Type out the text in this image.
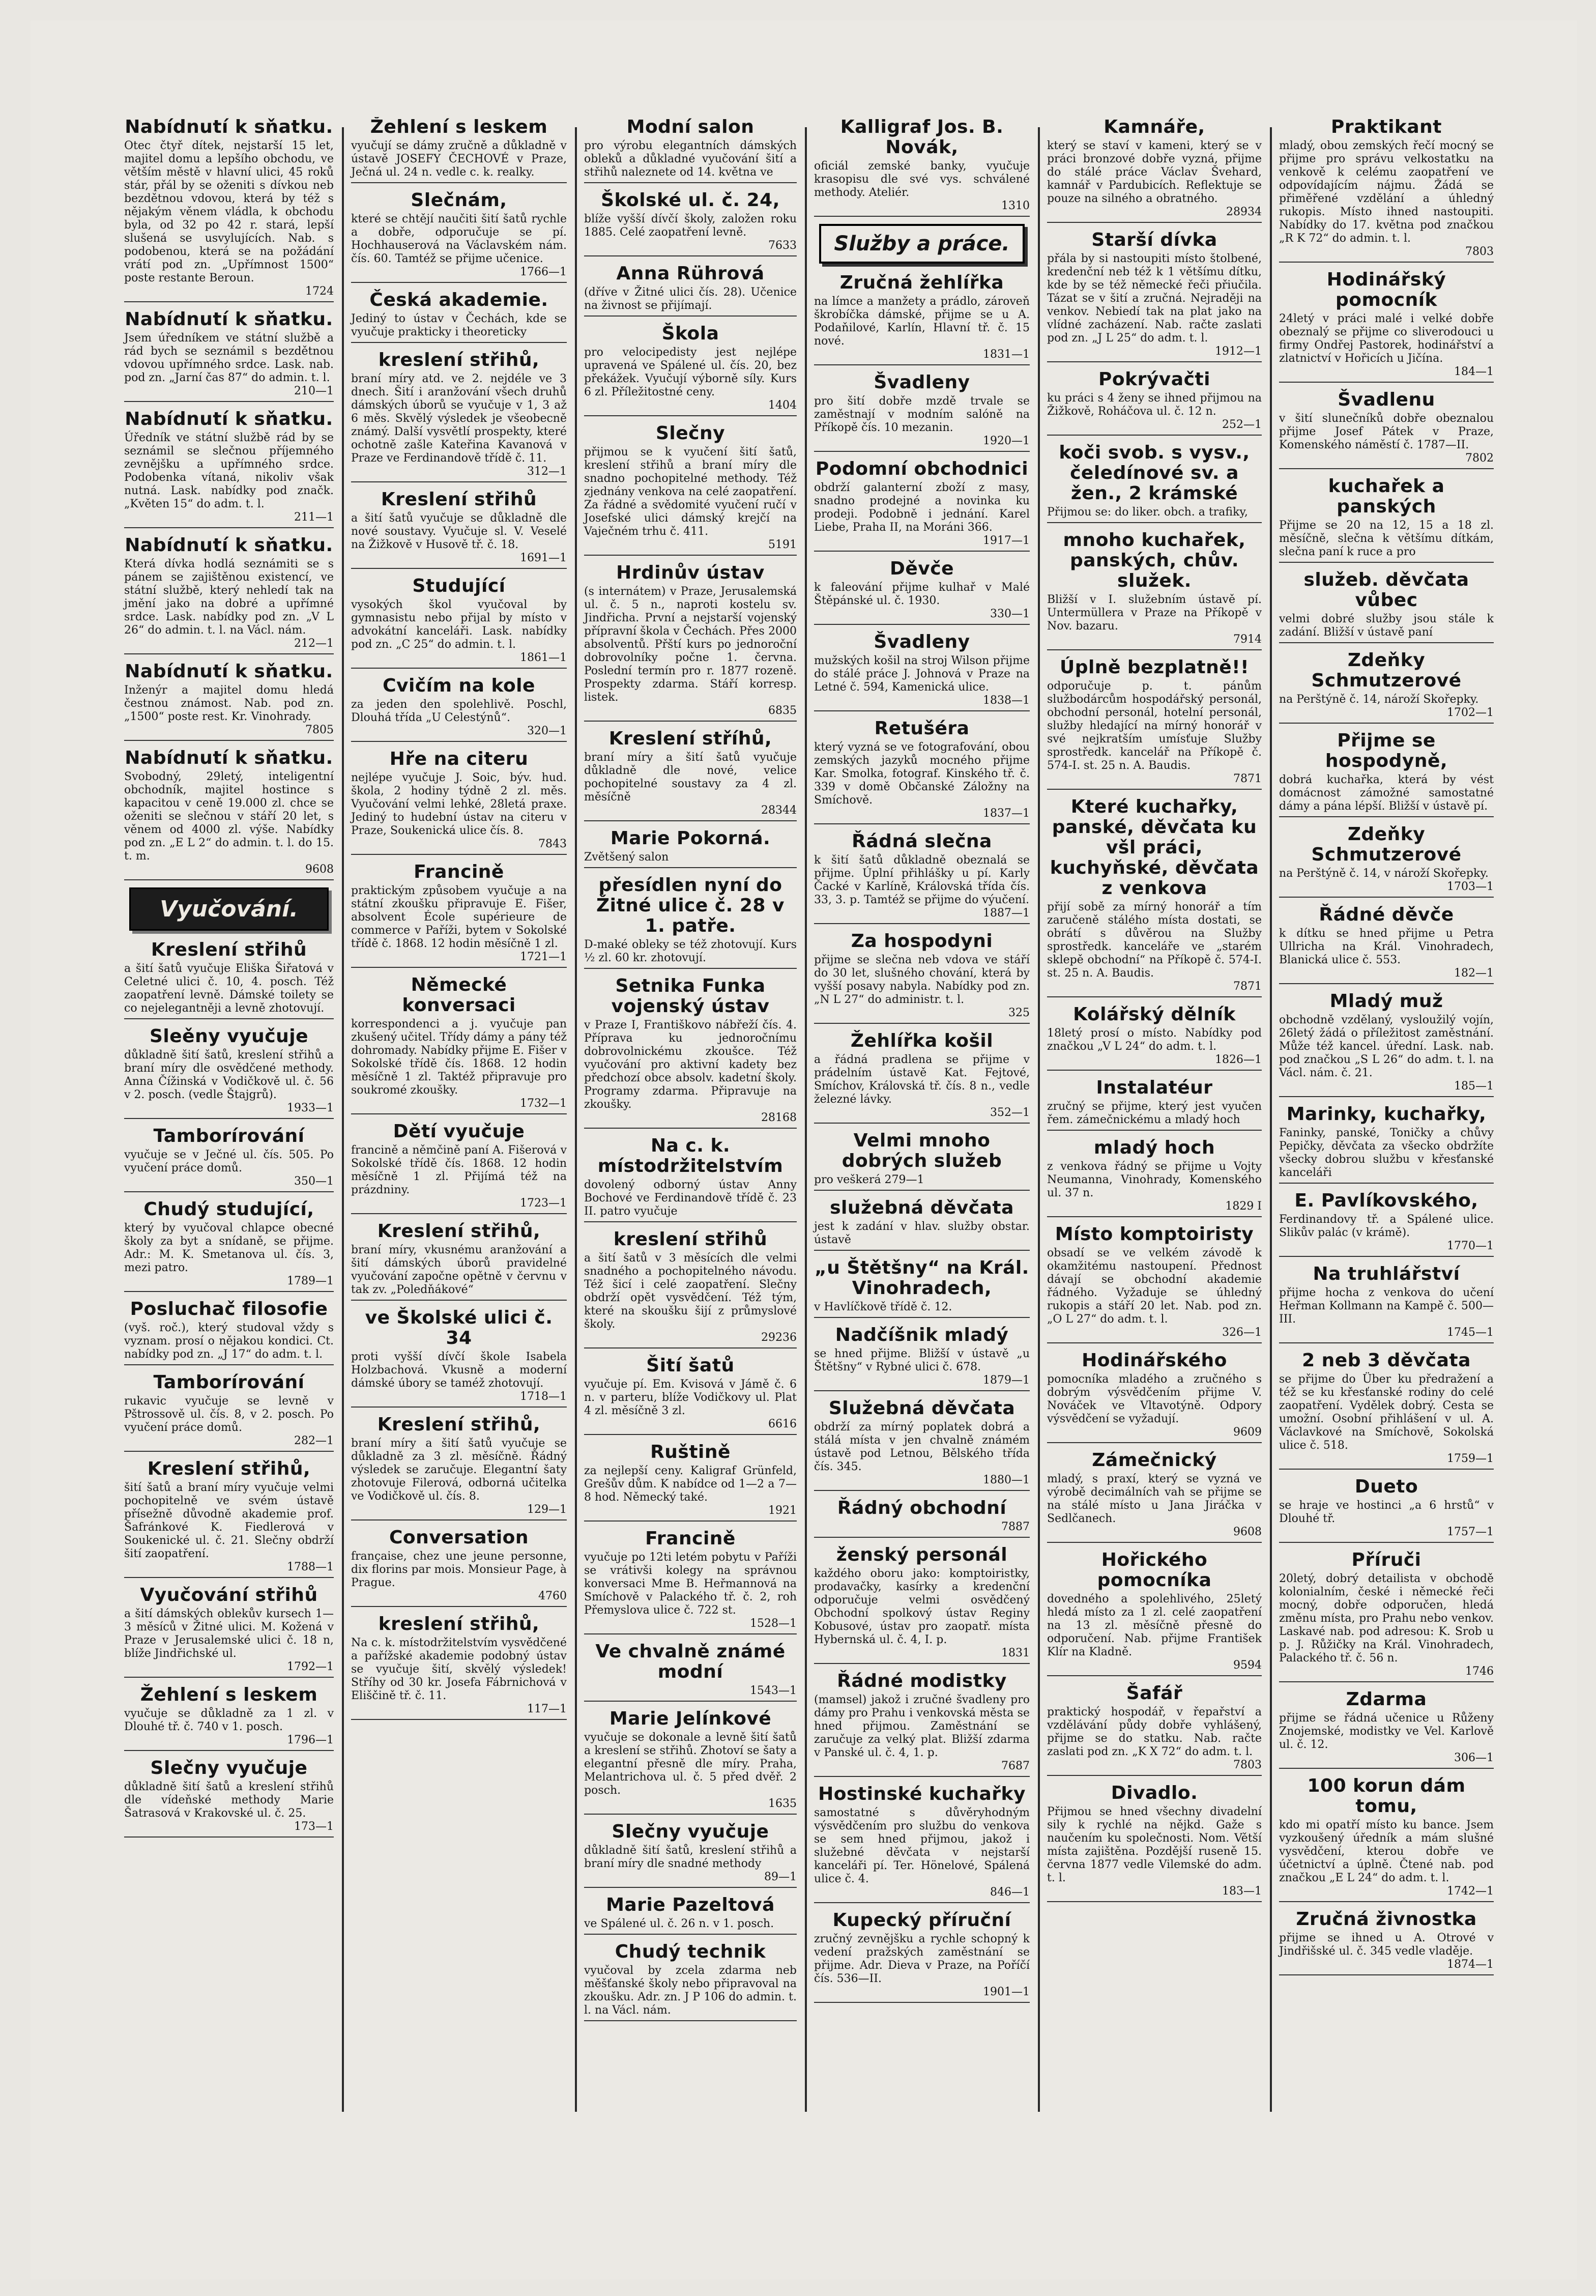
Nabídnutí k sňatku.
Otec čtyř dítek, nejstarší 15 let, majitel domu a lepšího obchodu, ve větším městě v hlavní ulici, 45 roků stár, přál by se oženiti s dívkou neb bezdětnou vdovou, která by též s nějakým věnem vládla, k obchodu byla, od 32 po 42 r. stará, lepší slušená se usvylujících. Nab. s podobenou, která se na požádání vrátí pod zn. „Upřímnost 1500“ poste restante Beroun.
1724
Nabídnutí k sňatku.
Jsem úředníkem ve státní službě a rád bych se seznámil s bezdětnou vdovou upřímného srdce. Lask. nab. pod zn. „Jarní čas 87“ do admin. t. l.
210—1
Nabídnutí k sňatku.
Úředník ve státní službě rád by se seznámil se slečnou příjemného zevnějšku a upřímného srdce. Podobenka vítaná, nikoliv však nutná. Lask. nabídky pod značk. „Květen 15“ do adm. t. l.
211—1
Nabídnutí k sňatku.
Která dívka hodlá seznámiti se s pánem se zajištěnou existencí, ve státní službě, který nehledí tak na jmění jako na dobré a upřímné srdce. Lask. nabídky pod zn. „V L 26“ do admin. t. l. na Václ. nám.
212—1
Nabídnutí k sňatku.
Inženýr a majitel domu hledá čestnou známost. Nab. pod zn. „1500“ poste rest. Kr. Vinohrady.
7805
Nabídnutí k sňatku.
Svobodný, 29letý, inteligentní obchodník, majitel hostince s kapacitou v ceně 19.000 zl. chce se oženiti se slečnou v stáří 20 let, s věnem od 4000 zl. výše. Nabídky pod zn. „E L 2“ do admin. t. l. do 15. t. m.
9608
Vyučování.
Kreslení střihů
a šití šatů vyučuje Eliška Šiřatová v Celetné ulici č. 10, 4. posch. Též zaopatření levně. Dámské toilety se co nejelegantněji a levně zhotovují.
Sleěny vyučuje
důkladně šití šatů, kreslení střihů a braní míry dle osvědčené methody. Anna Čížinská v Vodičkově ul. č. 56 v 2. posch. (vedle Štajgrů).
1933—1
Tamborírování
vyučuje se v Ječné ul. čís. 505. Po vyučení práce domů.
350—1
Chudý studující,
který by vyučoval chlapce obecné školy za byt a snídaně, se přijme. Adr.: M. K. Smetanova ul. čís. 3, mezi patro.
1789—1
Posluchač filosofie
(vyš. roč.), který studoval vždy s vyznam. prosí o nějakou kondici. Ct. nabídky pod zn. „J 17“ do adm. t. l.
Tamborírování
rukavic vyučuje se levně v Pštrossově ul. čís. 8, v 2. posch. Po vyučení práce domů.
282—1
Kreslení střihů,
šití šatů a braní míry vyučuje velmi pochopitelně ve svém ústavě přísežně důvodně akademie prof. Šafránkové K. Fiedlerová v Soukenické ul. č. 21. Slečny obdrží šití zaopatření.
1788—1
Vyučování střihů
a šití dámských oblekův kursech 1—3 měsíců v Žitné ulici. M. Kožená v Praze v Jerusalemské ulici č. 18 n, blíže Jindřichské ul.
1792—1
Žehlení s leskem
vyučuje se důkladně za 1 zl. v Dlouhé tř. č. 740 v 1. posch.
1796—1
Slečny vyučuje
důkladně šití šatů a kreslení střihů dle vídeňské methody Marie Šatrasová v Krakovské ul. č. 25.
173—1
Žehlení s leskem
vyučují se dámy zručně a důkladně v ústavě JOSEFY ČECHOVÉ v Praze, Ječná ul. 24 n. vedle c. k. realky.
Slečnám,
které se chtějí naučiti šití šatů rychle a dobře, odporučuje se pí. Hochhauserová na Václavském nám. čís. 60. Tamtéž se přijme učenice.
1766—1
Česká akademie.
Jediný to ústav v Čechách, kde se vyučuje prakticky i theoreticky
kreslení střihů,
braní míry atd. ve 2. nejdéle ve 3 dnech. Šití i aranžování všech druhů dámských úborů se vyučuje v 1, 3 až 6 měs. Skvělý výsledek je všeobecně známý. Další vysvětlí prospekty, které ochotně zašle Kateřina Kavanová v Praze ve Ferdinandově třídě č. 11.
312—1
Kreslení střihů
a šití šatů vyučuje se důkladně dle nové soustavy. Vyučuje sl. V. Veselé na Žižkově v Husově tř. č. 18.
1691—1
Studující
vysokých škol vyučoval by gymnasistu nebo přijal by místo v advokátní kanceláři. Lask. nabídky pod zn. „C 25“ do admin. t. l.
1861—1
Cvičím na kole
za jeden den spolehlivě. Poschl, Dlouhá třída „U Celestýnů“.
320—1
Hře na citeru
nejlépe vyučuje J. Soic, býv. hud. škola, 2 hodiny týdně 2 zl. měs. Vyučování velmi lehké, 28letá praxe. Jediný to hudební ústav na citeru v Praze, Soukenická ulice čís. 8.
7843
Francině
praktickým způsobem vyučuje a na státní zkoušku připravuje E. Fišer, absolvent École supérieure de commerce v Paříži, bytem v Sokolské třídě č. 1868. 12 hodin měsíčně 1 zl.
1721—1
Německé konversaci
korrespondenci a j. vyučuje pan zkušený učitel. Třídy dámy a pány též dohromady. Nabídky přijme E. Fišer v Sokolské třídě čís. 1868. 12 hodin měsíčně 1 zl. Taktéž připravuje pro soukromé zkoušky.
1732—1
Dětí vyučuje
francině a němčině paní A. Fišerová v Sokolské třídě čís. 1868. 12 hodin měsíčně 1 zl. Přijímá též na prázdniny.
1723—1
Kreslení střihů,
braní míry, vkusnému aranžování a šití dámských úborů pravidelné vyučování započne opětně v červnu v tak zv. „Poledňákové“
ve Školské ulici č. 34
proti vyšší dívčí škole Isabela Holzbachová. Vkusně a moderní dámské úbory se taméž zhotovují.
1718—1
Kreslení střihů,
braní míry a šití šatů vyučuje se důkladně za 3 zl. měsíčně. Řádný výsledek se zaručuje. Elegantní šaty zhotovuje Filerová, odborná učitelka ve Vodičkově ul. čís. 8.
129—1
Conversation
française, chez une jeune personne, dix florins par mois. Monsieur Page, à Prague.
4760
kreslení střihů,
Na c. k. místodržitelstvím vysvědčené a pařížské akademie podobný ústav se vyučuje šití, skvělý výsledek! Stříhy od 30 kr. Josefa Fábrnichová v Eliščině tř. č. 11.
117—1
Modní salon
pro výrobu elegantních dámských obleků a důkladné vyučování šití a střihů naleznete od 14. května ve
Školské ul. č. 24,
blíže vyšší dívčí školy, založen roku 1885. Celé zaopatření levně.
7633
Anna Rührová
(dříve v Žitné ulici čís. 28). Učenice na živnost se přijímají.
Škola
pro velocipedisty jest nejlépe upravená ve Spálené ul. čís. 20, bez překážek. Vyučují výborně síly. Kurs 6 zl. Příležitostné ceny.
1404
Slečny
přijmou se k vyučení šití šatů, kreslení střihů a braní míry dle snadno pochopitelné methody. Též zjednány venkova na celé zaopatření. Za řádné a svědomité vyučení ručí v Josefské ulici dámský krejčí na Vaječném trhu č. 411.
5191
Hrdinův ústav
(s internátem) v Praze, Jerusalemská ul. č. 5 n., naproti kostelu sv. Jindřicha. První a nejstarší vojenský přípravní škola v Čechách. Přes 2000 absolventů. Přští kurs po jednoroční dobrovolníky počne 1. června. Poslední termín pro r. 1877 rozeně. Prospekty zdarma. Stáří korresp. listek.
6835
Kreslení stříhů,
braní míry a šití šatů vyučuje důkladně dle nové, velice pochopitelné soustavy za 4 zl. měsíčně
28344
Marie Pokorná.
Zvětšený salon
přesídlen nyní do Žitné ulice č. 28 v 1. patře.
D-maké obleky se též zhotovují. Kurs ½ zl. 60 kr. zhotovují.
Setnika Funka vojenský ústav
v Praze I, Františkovo nábřeží čís. 4. Příprava ku jednoročnímu dobrovolnickému zkoušce. Též vyučování pro aktivní kadety bez předchozí obce absolv. kadetní školy. Programy zdarma. Připravuje na zkoušky.
28168
Na c. k. místodržitelstvím
dovolený odborný ústav Anny Bochové ve Ferdinandově třídě č. 23 II. patro vyučuje
kreslení střihů
a šití šatů v 3 měsících dle velmi snadného a pochopitelného návodu. Též šicí i celé zaopatření. Slečny obdrží opět vysvědčení. Též tým, které na skoušku šijí z průmyslové školy.
29236
Šití šatů
vyučuje pí. Em. Kvisová v Jámě č. 6 n. v parteru, blíže Vodičkovy ul. Plat 4 zl. měsíčně 3 zl.
6616
Ruštině
za nejlepší ceny. Kaligraf Grünfeld, Grešův dům. K nabídce od 1—2 a 7—8 hod. Německý také.
1921
Francině
vyučuje po 12ti letém pobytu v Paříži se vrátivši kolegy na správnou konversaci Mme B. Heřmannová na Smíchově v Palackého tř. č. 2, roh Přemyslova ulice č. 722 st.
1528—1
Ve chvalně známé modní
1543—1
Marie Jelínkové
vyučuje se dokonale a levně šití šatů a kreslení se střihů. Zhotoví se šaty a elegantní přesně dle míry. Praha, Melantrichova ul. č. 5 před dvěř. 2 posch.
1635
Slečny vyučuje
důkladně šití šatů, kreslení střihů a braní míry dle snadné methody
89—1
Marie Pazeltová
ve Spálené ul. č. 26 n. v 1. posch.
Chudý technik
vyučoval by zcela zdarma neb měšťanské školy nebo připravoval na zkoušku. Adr. zn. J P 106 do admin. t. l. na Václ. nám.
Kalligraf Jos. B. Novák,
oficiál zemské banky, vyučuje krasopisu dle své vys. schválené methody. Ateliér.
1310
Služby a práce.
Zručná žehlířka
na límce a manžety a prádlo, zároveň škrobíčka dámské, přijme se u A. Podaňilové, Karlín, Hlavní tř. č. 15 nové.
1831—1
Švadleny
pro šití dobře mzdě trvale se zaměstnají v modním salóně na Příkopě čís. 10 mezanin.
1920—1
Podomní obchodnici
obdrží galanterní zboží z masy, snadno prodejné a novinka ku prodeji. Podobně i jednání. Karel Liebe, Praha II, na Moráni 366.
1917—1
Děvče
k faleování přijme kulhař v Malé Štěpánské ul. č. 1930.
330—1
Švadleny
mužských košil na stroj Wilson přijme do stálé práce J. Johnová v Praze na Letné č. 594, Kamenická ulice.
1838—1
Retušéra
který vyzná se ve fotografování, obou zemských jazyků mocného přijme Kar. Smolka, fotograf. Kinského tř. č. 339 v domě Občanské Záložny na Smíchově.
1837—1
Řádná slečna
k šití šatů důkladně obeznalá se přijme. Úplní přihlášky u pí. Karly Čacké v Karlíně, Královská třída čís. 33, 3. p. Tamtéž se přijme do výučení.
1887—1
Za hospodyni
přijme se slečna neb vdova ve stáří do 30 let, slušného chování, která by vyšší posavy nabyla. Nabídky pod zn. „N L 27“ do administr. t. l.
325
Žehlířka košil
a řádná pradlena se přijme v prádelním ústavě Kat. Fejtové, Smíchov, Královská tř. čís. 8 n., vedle železné lávky.
352—1
Velmi mnoho dobrých služeb
pro veškerá 279—1
služebná děvčata
jest k zadání v hlav. služby obstar. ústavě
„u Štětšny“ na Král. Vinohradech,
v Havlíčkově třídě č. 12.
Nadčíšnik mladý
se hned přijme. Bližší v ústavě „u Štětšny“ v Rybné ulici č. 678.
1879—1
Služebná děvčata
obdrží za mírný poplatek dobrá a stálá místa v jen chvalně známém ústavě pod Letnou, Bělského třída čís. 345.
1880—1
Řádný obchodní
7887
ženský personál
každého oboru jako: komptoiristky, prodavačky, kasírky a kredenční odporučuje velmi osvědčený Obchodní spolkový ústav Reginy Kobusové, ústav pro zaopatř. místa Hybernská ul. č. 4, I. p.
1831
Řádné modistky
(mamsel) jakož i zručné švadleny pro dámy pro Prahu i venkovská města se hned přijmou. Zaměstnání se zaručuje za velký plat. Bližší zdarma v Panské ul. č. 4, 1. p.
7687
Hostinské kuchařky
samostatné s důvěryhodným výsvědčením pro službu do venkova se sem hned přijmou, jakož i služebné děvčata v nejstarší kanceláři pí. Ter. Hönelové, Spálená ulice č. 4.
846—1
Kupecký příruční
zručný zevnějšku a rychle schopný k vedení pražských zaměstnání se přijme. Adr. Dieva v Praze, na Poříčí čís. 536—II.
1901—1
Kamnáře,
který se staví v kameni, který se v práci bronzové dobře vyzná, přijme do stálé práce Václav Švehard, kamnář v Pardubicích. Reflektuje se pouze na silného a obratného.
28934
Starší dívka
přála by si nastoupiti místo štolbené, kredenční neb též k 1 většímu dítku, kde by se též německé řeči přiučila. Tázat se v šití a zručná. Nejraději na venkov. Nebiedí tak na plat jako na vlídné zacházení. Nab. račte zaslati pod zn. „J L 25“ do adm. t. l.
1912—1
Pokrývačti
ku práci s 4 ženy se ihned přijmou na Žižkově, Roháčova ul. č. 12 n.
252—1
koči svob. s vysv., čeledínové sv. a žen., 2 krámské
Přijmou se: do liker. obch. a trafiky,
mnoho kuchařek, panských, chův. služek.
Bližší v I. služebním ústavě pí. Untermüllera v Praze na Příkopě v Nov. bazaru.
7914
Úplně bezplatně!!
odporučuje p. t. pánům službodárcům hospodářský personál, obchodní personál, hotelní personál, služby hledající na mírný honorář v své nejkratším umísťuje Služby sprostředk. kancelář na Příkopě č. 574-I. st. 25 n. A. Baudis.
7871
Které kuchařky, panské, děvčata ku všl práci, kuchyňské, děvčata z venkova
přijí sobě za mírný honorář a tím zaručeně stálého místa dostati, se obrátí s důvěrou na Služby sprostředk. kanceláře ve „starém sklepě obchodní“ na Příkopě č. 574-I. st. 25 n. A. Baudis.
7871
Kolářský dělník
18letý prosí o místo. Nabídky pod značkou „V L 24“ do adm. t. l.
1826—1
Instalatéur
zručný se přijme, který jest vyučen řem. zámečnickému a mladý hoch
mladý hoch
z venkova řádný se přijme u Vojty Neumanna, Vinohrady, Komenského ul. 37 n.
1829 I
Místo komptoiristy
obsadí se ve velkém závodě k okamžitému nastoupení. Přednost dávají se obchodní akademie řádného. Vyžaduje se úhledný rukopis a stáří 20 let. Nab. pod zn. „O L 27“ do adm. t. l.
326—1
Hodinářského
pomocníka mladého a zručného s dobrým výsvědčením přijme V. Nováček ve Vltavotýně. Odpory výsvědčení se vyžadují.
9609
Zámečnický
mladý, s praxí, který se vyzná ve výrobě decimálních vah se přijme se na stálé místo u Jana Jiráčka v Sedlčanech.
9608
Hořického pomocníka
dovedného a spolehlivého, 25letý hledá místo za 1 zl. celé zaopatření na 13 zl. měsíčně přesně do odporučení. Nab. přijme František Klír na Kladně.
9594
Šafář
praktický hospodář, v řepařství a vzdělávání půdy dobře vyhlášený, přijme se do statku. Nab. račte zaslati pod zn. „K X 72“ do adm. t. l.
7803
Divadlo.
Přijmou se hned všechny divadelní sily k rychlé na nějkd. Gaže s naučením ku společnosti. Nom. Větší místa zajištěna. Pozdější ruseně 15. června 1877 vedle Vilemské do adm. t. l.
183—1
Praktikant
mladý, obou zemských řečí mocný se přijme pro správu velkostatku na venkově k celému zaopatření ve odpovídajícím nájmu. Žádá se přiměřené vzdělání a úhledný rukopis. Místo ihned nastoupiti. Nabídky do 17. května pod značkou „R K 72“ do admin. t. l.
7803
Hodinářský pomocník
24letý v práci malé i velké dobře obeznalý se přijme co sliverodouci u firmy Ondřej Pastorek, hodinářství a zlatnictví v Hořicích u Jičína.
184—1
Švadlenu
v šití slunečníků dobře obeznalou přijme Josef Pátek v Praze, Komenského náměstí č. 1787—II.
7802
kuchařek a panských
Přijme se 20 na 12, 15 a 18 zl. měsíčně, slečna k většímu dítkám, slečna paní k ruce a pro
služeb. děvčata vůbec
velmi dobré služby jsou stále k zadání. Bližší v ústavě paní
Zdeňky Schmutzerové
na Perštýně č. 14, nároží Skořepky.
1702—1
Přijme se hospodyně,
dobrá kuchařka, která by vést domácnost zámožné samostatné dámy a pána lépší. Bližší v ústavě pí.
Zdeňky Schmutzerové
na Perštýně č. 14, v nároží Skořepky.
1703—1
Řádné děvče
k dítku se hned přijme u Petra Ullricha na Král. Vinohradech, Blanická ulice č. 553.
182—1
Mladý muž
obchodně vzdělaný, vysloužilý vojín, 26letý žádá o příležitost zaměstnání. Může též kancel. úřední. Lask. nab. pod značkou „S L 26“ do adm. t. l. na Václ. nám. č. 21.
185—1
Marinky, kuchařky,
Faninky, panské, Toničky a chůvy Pepičky, děvčata za všecko obdržíte všecky dobrou službu v křesťanské kanceláři
E. Pavlíkovského,
Ferdinandovy tř. a Spálené ulice. Slikův palác (v krámě).
1770—1
Na truhlářství
přijme hocha z venkova do učení Heřman Kollmann na Kampě č. 500—III.
1745—1
2 neb 3 děvčata
se přijme do Über ku předražení a též se ku křesťanské rodiny do celé zaopatření. Vydělek dobrý. Cesta se umožní. Osobní přihlášení v ul. A. Václavkové na Smíchově, Sokolská ulice č. 518.
1759—1
Dueto
se hraje ve hostinci „a 6 hrstů“ v Dlouhé tř.
1757—1
Příruči
20letý, dobrý detailista v obchodě kolonialním, české i německé řeči mocný, dobře odporučen, hledá změnu místa, pro Prahu nebo venkov. Laskavé nab. pod adresou: K. Srob u p. J. Růžičky na Král. Vinohradech, Palackého tř. č. 56 n.
1746
Zdarma
přijme se řádná učenice u Růženy Znojemské, modistky ve Vel. Karlově ul. č. 12.
306—1
100 korun dám tomu,
kdo mi opatří místo ku bance. Jsem vyzkoušený úředník a mám slušné vysvědčení, kterou dobře ve účetnictví a úplně. Čtené nab. pod značkou „E L 24“ do adm. t. l.
1742—1
Zručná živnostka
přijme se ihned u A. Otrové v Jindřišské ul. č. 345 vedle vladěje.
1874—1
